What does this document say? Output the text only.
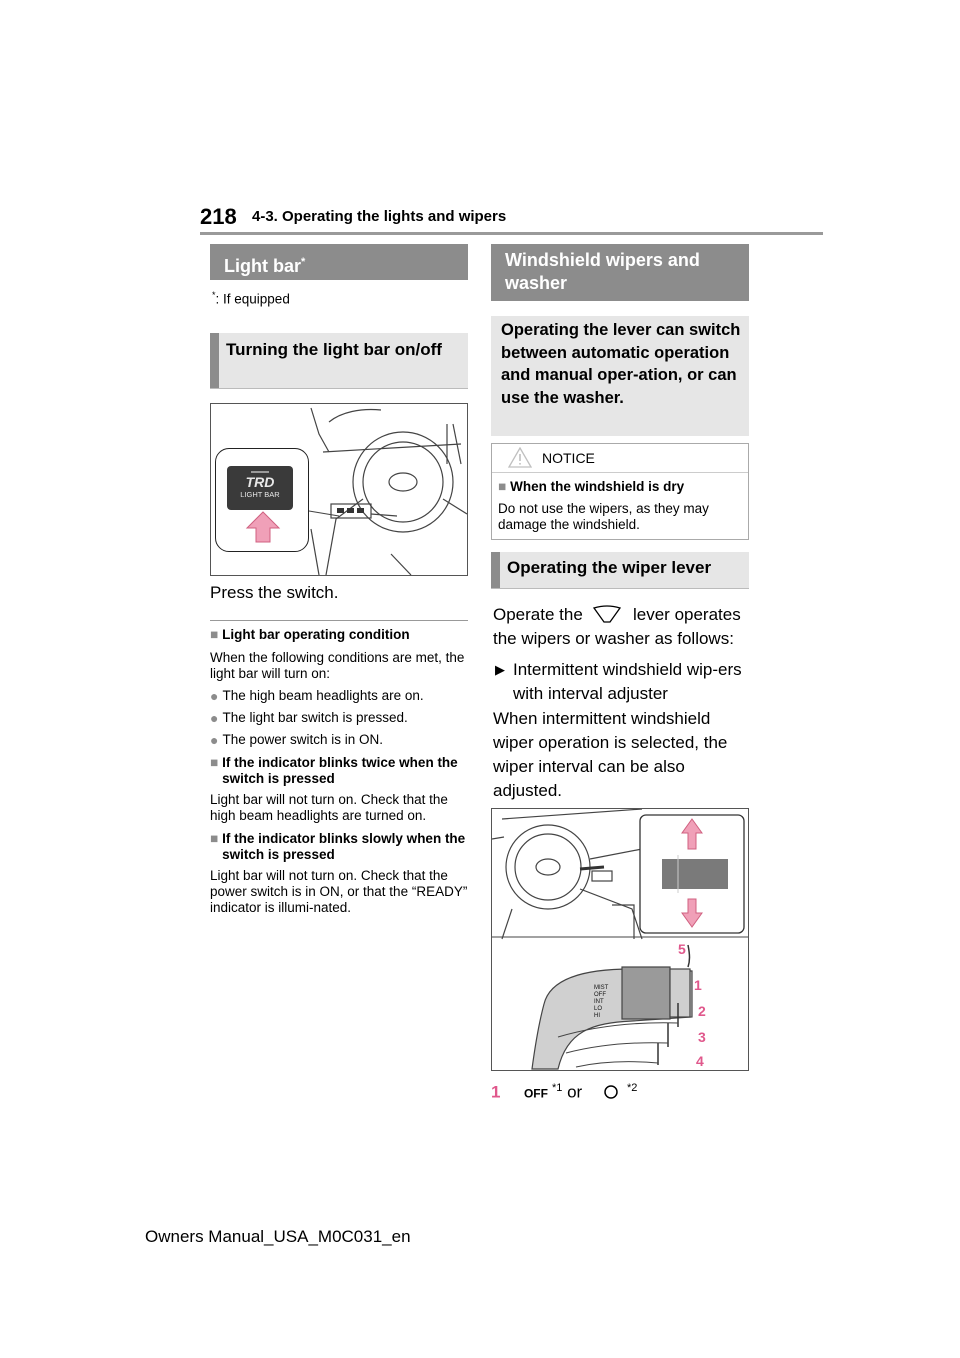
218 4-3. Operating the lights and wipers
Light bar*
*: If equipped
Turning the light bar on/off
TRD
LIGHT BAR
Press the switch.
■ Light bar operating condition
When the following conditions are met, the light bar will turn on:
● The high beam headlights are on.
● The light bar switch is pressed.
● The power switch is in ON.
■ If the indicator blinks twice when the switch is pressed
Light bar will not turn on. Check that the high beam headlights are turned on.
■ If the indicator blinks slowly when the switch is pressed
Light bar will not turn on. Check that the power switch is in ON, or that the “READY” indicator is illumi-nated.
Windshield wipers and washer
Operating the lever can switch between automatic operation and manual oper-ation, or can use the washer.
NOTICE
■ When the windshield is dry
Do not use the wipers, as they may damage the windshield.
Operating the wiper lever
Operate the	lever operates the wipers or washer as follows:
▶ Intermittent windshield wip-ers with interval adjuster
When intermittent windshield wiper operation is selected, the wiper interval can be also adjusted.
MIST
OFF
INT
LO
HI
5
1
2
3
4
1 OFF $^{*1}$ or	$^{*2}$
Owners Manual_USA_M0C031_en
